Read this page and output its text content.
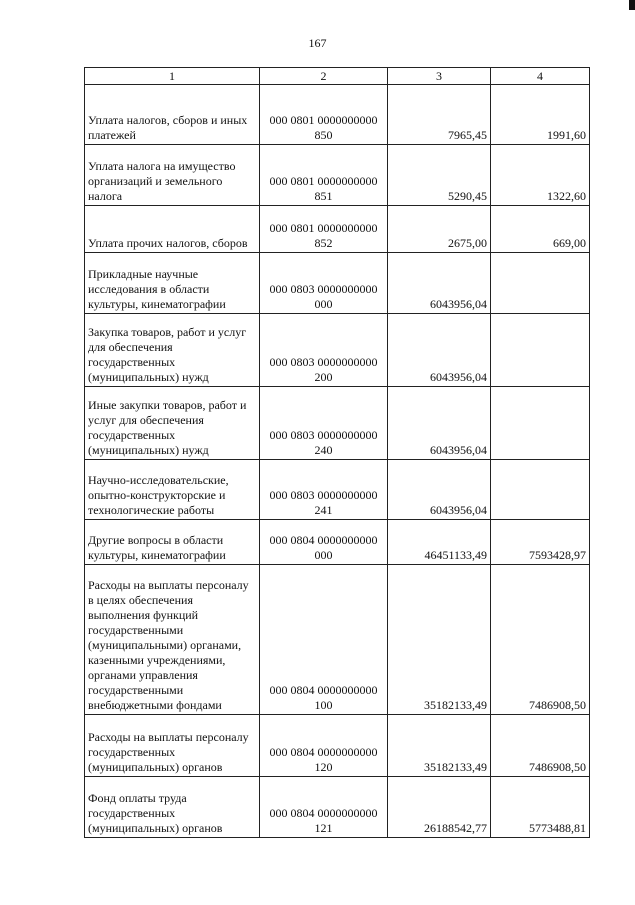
167
1	2	3	4
Уплата налогов, сборов и иных платежей	000 0801 0000000000 850	7965,45	1991,60
Уплата налога на имущество организаций и земельного налога	000 0801 0000000000 851	5290,45	1322,60
Уплата прочих налогов, сборов	000 0801 0000000000 852	2675,00	669,00
Прикладные научные исследования в области культуры, кинематографии	000 0803 0000000000 000	6043956,04	
Закупка товаров, работ и услуг для обеспечения государственных (муниципальных) нужд	000 0803 0000000000 200	6043956,04	
Иные закупки товаров, работ и услуг для обеспечения государственных (муниципальных) нужд	000 0803 0000000000 240	6043956,04	
Научно-исследовательские, опытно-конструкторские и технологические работы	000 0803 0000000000 241	6043956,04	
Другие вопросы в области культуры, кинематографии	000 0804 0000000000 000	46451133,49	7593428,97
Расходы на выплаты персоналу в целях обеспечения выполнения функций государственными (муниципальными) органами, казенными учреждениями, органами управления государственными внебюджетными фондами	000 0804 0000000000 100	35182133,49	7486908,50
Расходы на выплаты персоналу государственных (муниципальных) органов	000 0804 0000000000 120	35182133,49	7486908,50
Фонд оплаты труда государственных (муниципальных) органов	000 0804 0000000000 121	26188542,77	5773488,81
